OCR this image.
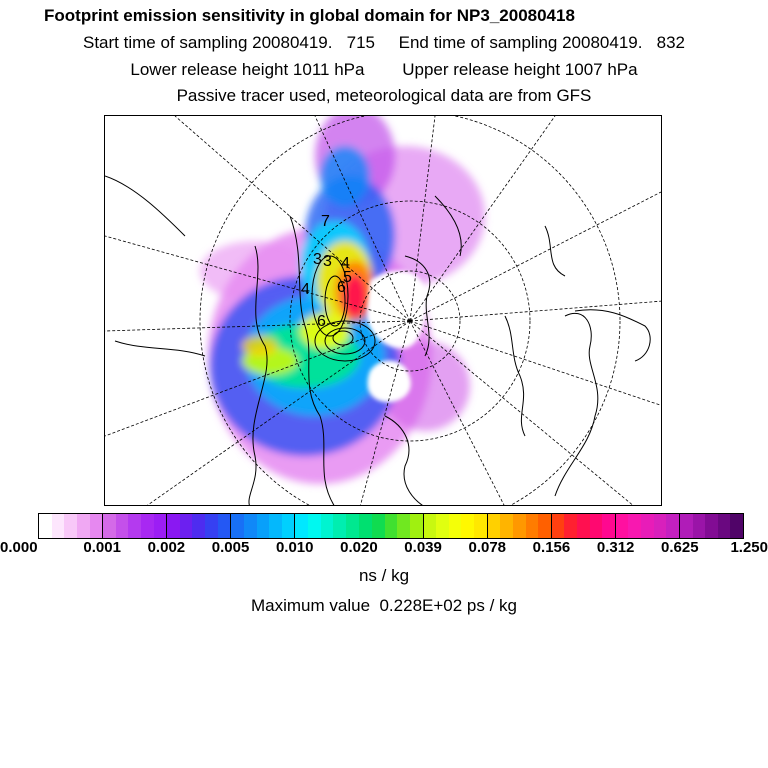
Footprint emission sensitivity in global domain for NP3_20080418
Start time of sampling 20080419.   715     End time of sampling 20080419.   832
Lower release height 1011 hPa        Upper release height 1007 hPa
Passive tracer used, meteorological data are from GFS
7
3 3 4
5
4 6
6
0.000	0.001 0.002 0.005 0.010 0.020 0.039 0.078 0.156 0.312 0.625 1.250
ns / kg
Maximum value  0.228E+02 ps / kg
